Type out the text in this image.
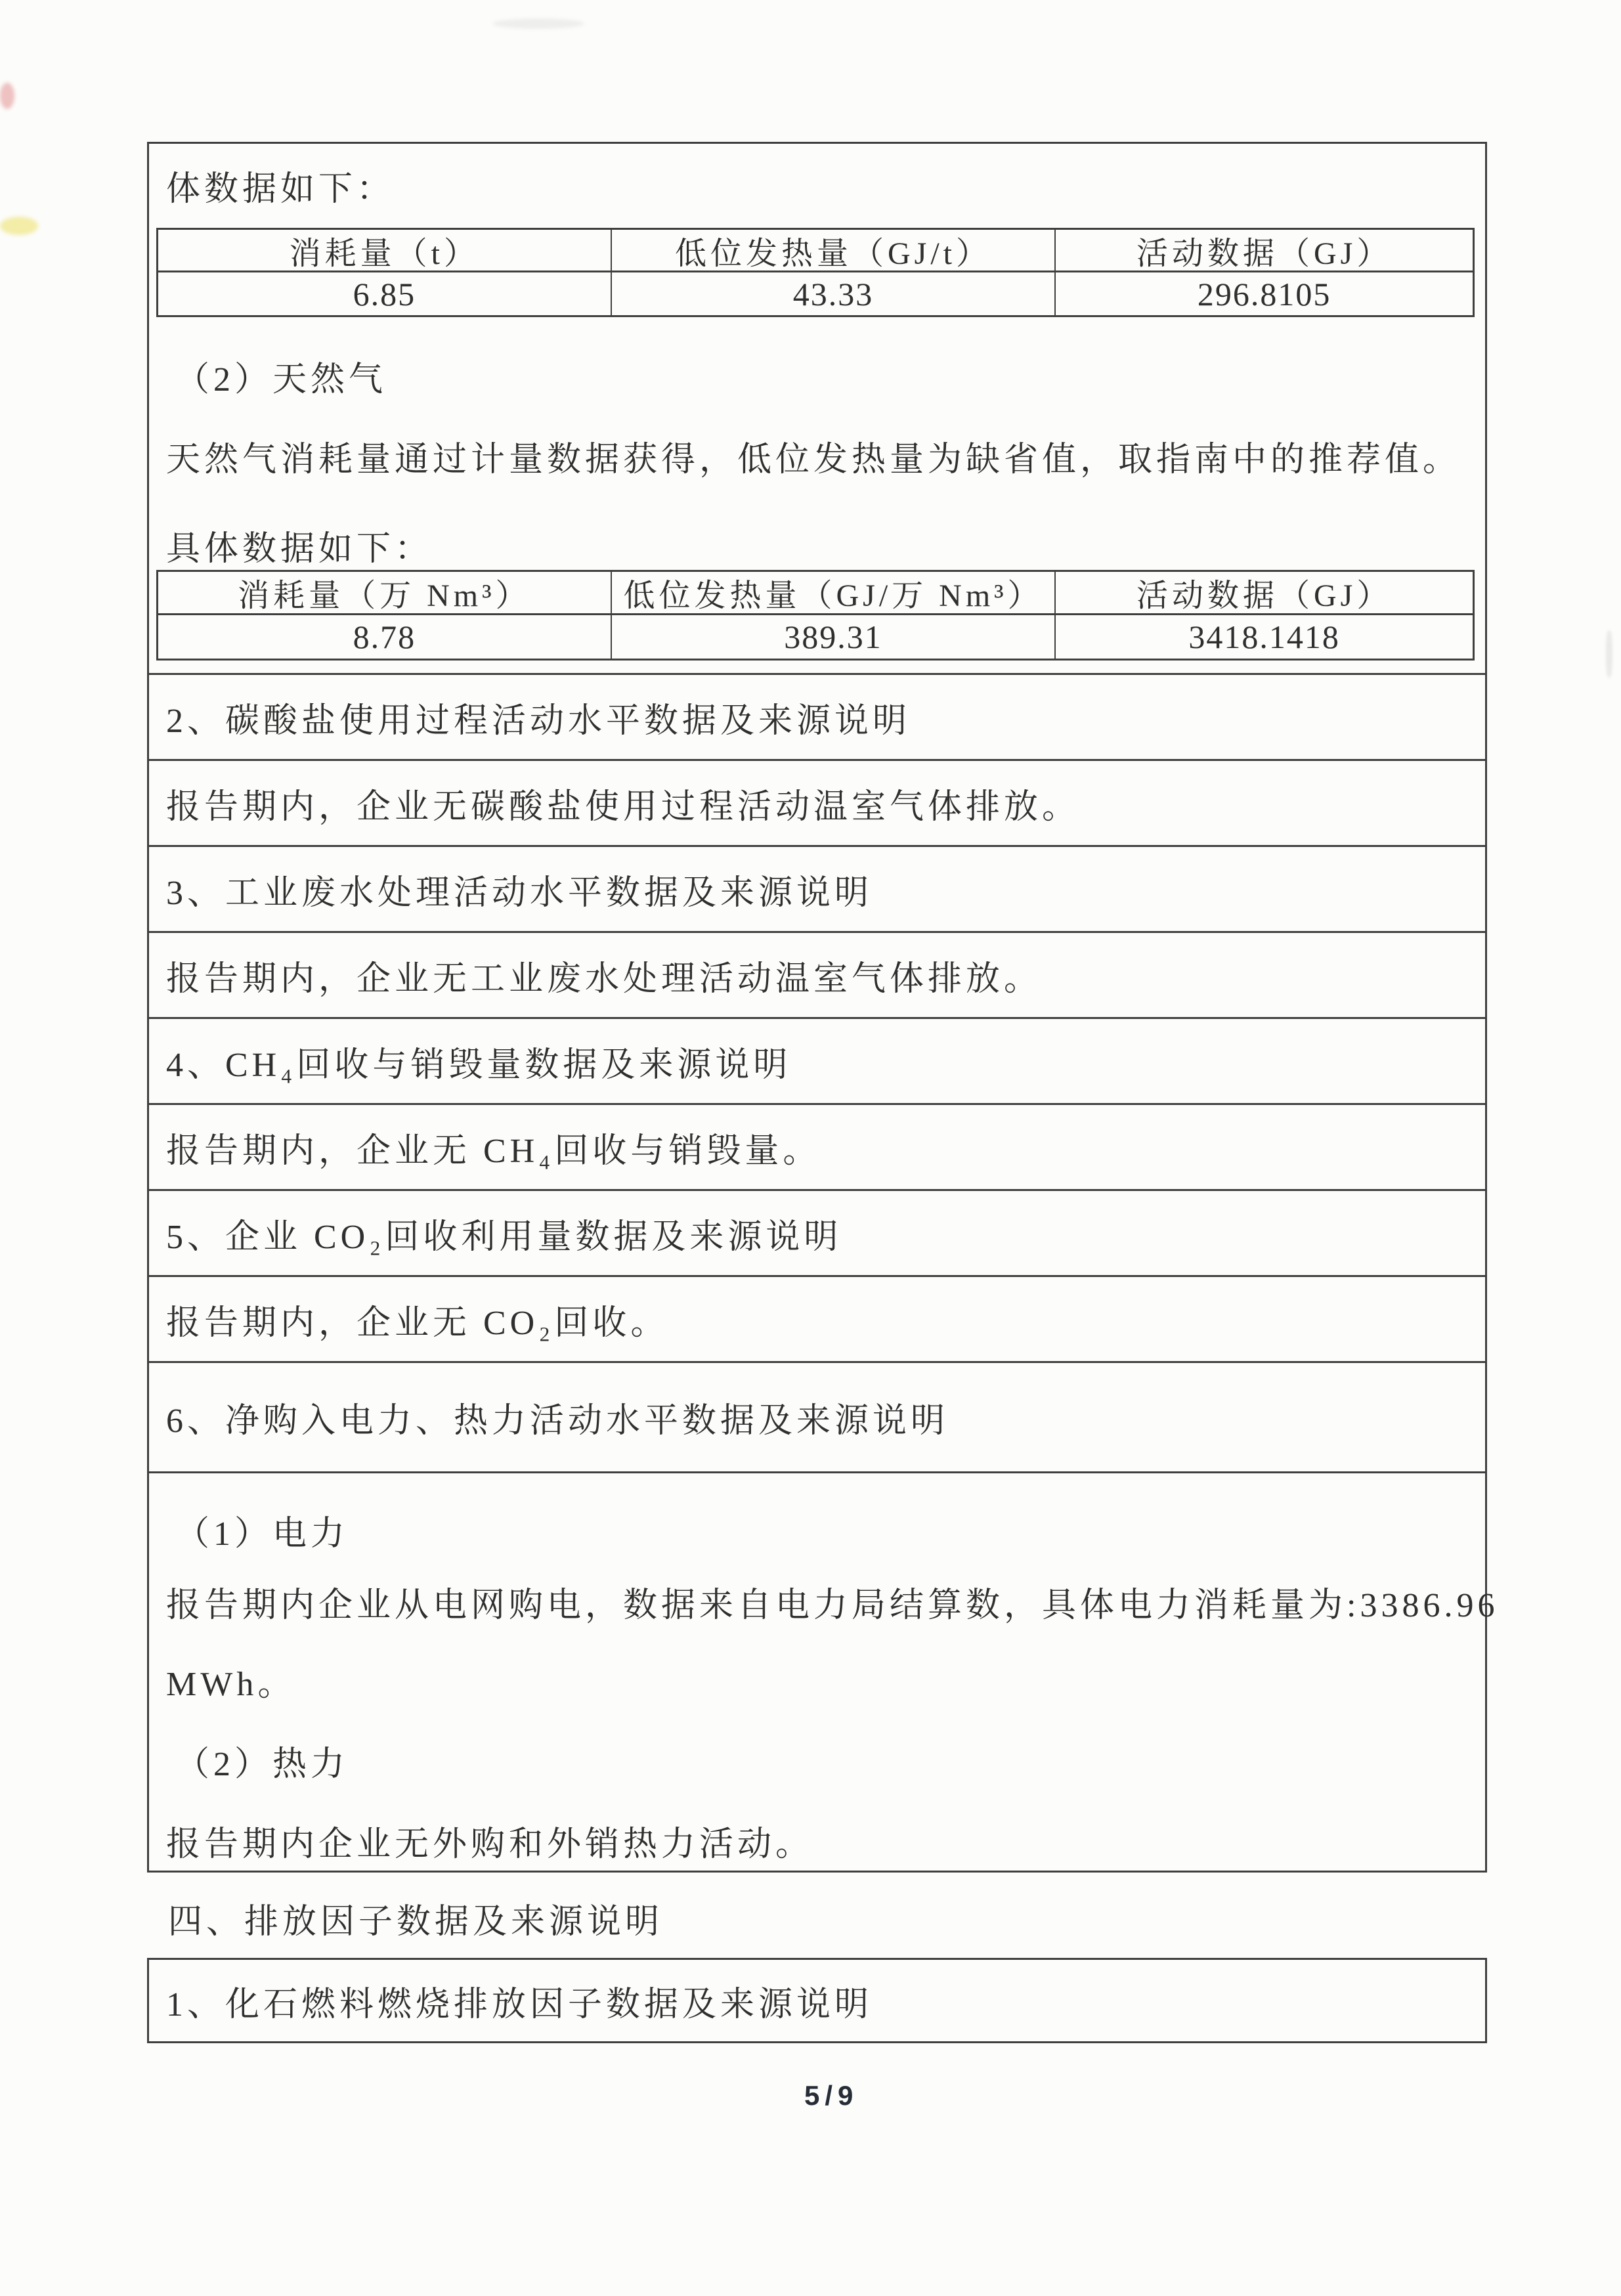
体数据如下：
消耗量（t）	低位发热量（GJ/t）	活动数据（GJ）
6.85	43.33	296.8105
（2）天然气
天然气消耗量通过计量数据获得，低位发热量为缺省值，取指南中的推荐值。
具体数据如下：
消耗量（万 Nm³）	低位发热量（GJ/万 Nm³）	活动数据（GJ）
8.78	389.31	3418.1418
2、碳酸盐使用过程活动水平数据及来源说明
报告期内，企业无碳酸盐使用过程活动温室气体排放。
3、工业废水处理活动水平数据及来源说明
报告期内，企业无工业废水处理活动温室气体排放。
4、CH₄回收与销毁量数据及来源说明
报告期内，企业无 CH₄回收与销毁量。
5、企业 CO₂回收利用量数据及来源说明
报告期内，企业无 CO₂回收。
6、净购入电力、热力活动水平数据及来源说明
（1）电力
报告期内企业从电网购电，数据来自电力局结算数，具体电力消耗量为:3386.96
MWh。
（2）热力
报告期内企业无外购和外销热力活动。
四、排放因子数据及来源说明
1、化石燃料燃烧排放因子数据及来源说明
5/9
